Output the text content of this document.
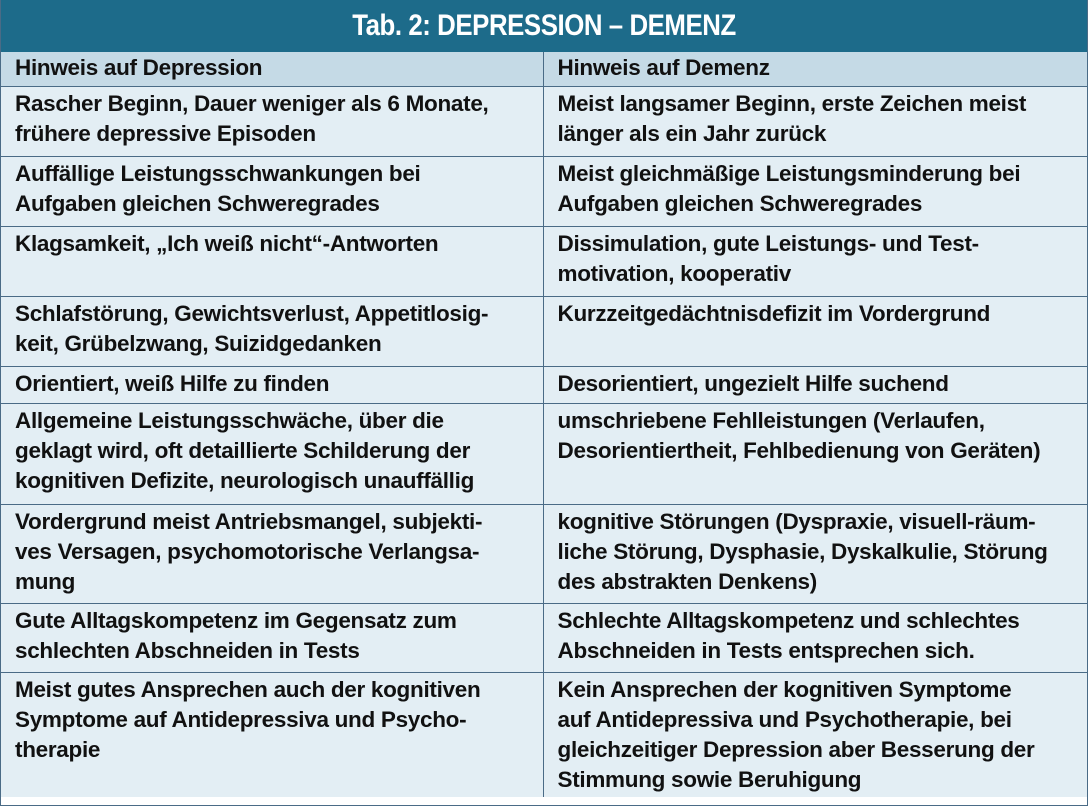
Tab. 2: DEPRESSION – DEMENZ
Hinweis auf Depression	Hinweis auf Demenz

Rascher Beginn, Dauer weniger als 6 Monate,
frühere depressive Episoden	Meist langsamer Beginn, erste Zeichen meist
länger als ein Jahr zurück

Auffällige Leistungsschwankungen bei
Aufgaben gleichen Schweregrades	Meist gleichmäßige Leistungsminderung bei
Aufgaben gleichen Schweregrades

Klagsamkeit, „Ich weiß nicht“-Antworten	Dissimulation, gute Leistungs- und Test-
motivation, kooperativ

Schlafstörung, Gewichtsverlust, Appetitlosig-
keit, Grübelzwang, Suizidgedanken	Kurzzeitgedächtnisdefizit im Vordergrund

Orientiert, weiß Hilfe zu finden	Desorientiert, ungezielt Hilfe suchend

Allgemeine Leistungsschwäche, über die
geklagt wird, oft detaillierte Schilderung der
kognitiven Defizite, neurologisch unauffällig	umschriebene Fehlleistungen (Verlaufen,
Desorientiertheit, Fehlbedienung von Geräten)

Vordergrund meist Antriebsmangel, subjekti-
ves Versagen, psychomotorische Verlangsa-
mung	kognitive Störungen (Dyspraxie, visuell-räum-
liche Störung, Dysphasie, Dyskalkulie, Störung
des abstrakten Denkens)

Gute Alltagskompetenz im Gegensatz zum
schlechten Abschneiden in Tests	Schlechte Alltagskompetenz und schlechtes
Abschneiden in Tests entsprechen sich.

Meist gutes Ansprechen auch der kognitiven
Symptome auf Antidepressiva und Psycho-
therapie	Kein Ansprechen der kognitiven Symptome
auf Antidepressiva und Psychotherapie, bei
gleichzeitiger Depression aber Besserung der
Stimmung sowie Beruhigung
